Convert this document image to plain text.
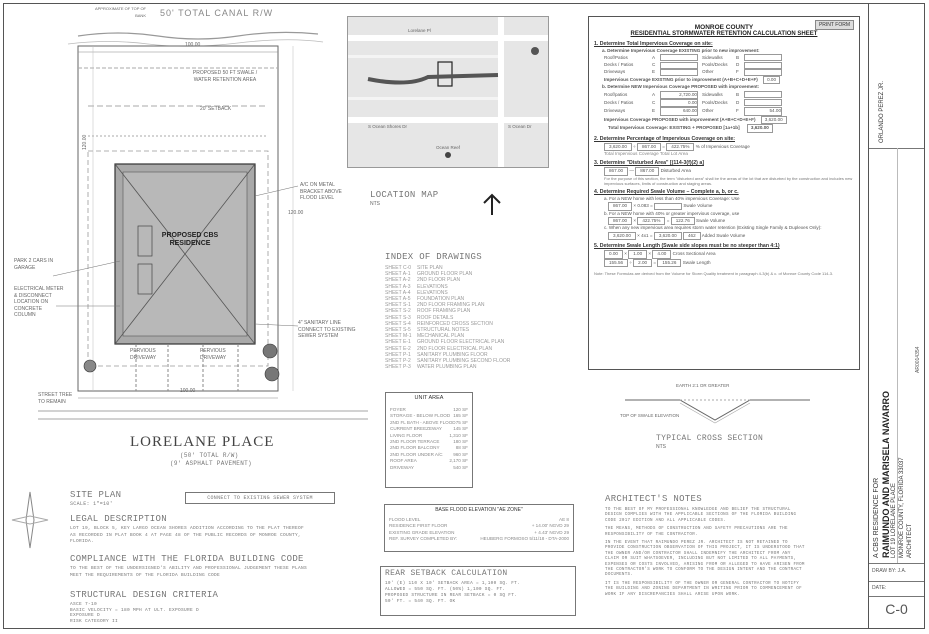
50' TOTAL CANAL R/W
APPROXIMATE OF TOP OF BANK
100.00
PROPOSED 50 FT SWALE / WATER RETENTION AREA
20' SETBACK
120.00
120.00
PROPOSED CBS
RESIDENCE
A/C ON METAL BRACKET ABOVE FLOOD LEVEL
PARK 2 CARS IN GARAGE
ELECTRICAL METER & DISCONNECT LOCATION ON CONCRETE COLUMN
4" SANITARY LINE CONNECT TO EXISTING SEWER SYSTEM
PERVIOUS
DRIVEWAY
PERVIOUS
DRIVEWAY
100.00
STREET TREE TO REMAIN
LORELANE PLACE
(50' TOTAL R/W)
(9' ASPHALT PAVEMENT)
SITE PLAN
SCALE: 1"=10'
CONNECT TO EXISTING SEWER SYSTEM
LEGAL DESCRIPTION
LOT 19, BLOCK 5, KEY LARGO OCEAN SHORES ADDITION ACCORDING TO THE PLAT THEREOF AS RECORDED IN PLAT BOOK 4 AT PAGE 48 OF THE PUBLIC RECORDS OF MONROE COUNTY, FLORIDA.
COMPLIANCE WITH THE FLORIDA BUILDING CODE
TO THE BEST OF THE UNDERSIGNED'S ABILITY AND PROFESSIONAL JUDGEMENT THESE PLANS MEET THE REQUIREMENTS OF THE FLORIDA BUILDING CODE
STRUCTURAL DESIGN CRITERIA
ASCE 7-10
BASIC VELOCITY = 180 MPH AT ULT. EXPOSURE D
EXPOSURE D
RISK CATEGORY II
Lorelane Pl
S Ocean Shores Dr	S Ocean Dr
Ocean Reef
LOCATION MAP
NTS
INDEX OF DRAWINGS
SHEET C-0	SITE PLAN
SHEET A-1	GROUND FLOOR PLAN
SHEET A-2	2ND FLOOR PLAN
SHEET A-3	ELEVATIONS
SHEET A-4	ELEVATIONS
SHEET A-5	FOUNDATION PLAN
SHEET S-1	2ND FLOOR FRAMING PLAN
SHEET S-2	ROOF FRAMING PLAN
SHEET S-3	ROOF DETAILS
SHEET S-4	REINFORCED CROSS SECTION
SHEET S-5	STRUCTURAL NOTES
SHEET M-1	MECHANICAL PLAN
SHEET E-1	GROUND FLOOR ELECTRICAL PLAN
SHEET E-2	2ND FLOOR ELECTRICAL PLAN
SHEET P-1	SANITARY PLUMBING FLOOR
SHEET P-2	SANITARY PLUMBING SECOND FLOOR
SHEET P-3	WATER PLUMBING PLAN
UNIT AREA
FOYER	120 SF
STORAGE - BELOW FLOOD 165 SF
2ND FL BATH - ABOVE FLOOD 75 SF
CURRENT BREEZEWAY 145 SF
LIVING FLOOR	1,310 SF
2ND FLOOR TERRACE	180 SF
2ND FLOOR BALCONY	88 SF
2ND FLOOR UNDER A/C 960 SF
ROOF AREA	2,170 SF
DRIVEWAY	540 SF
BASE FLOOD ELEVATION "AE ZONE"
FLOOD LEVEL	AE 8
RESIDENCE FIRST FLOOR	+ 14.00' NGVD 29
EXISTING GRADE ELEVATION	+ 4.43' NGVD 29
REF. SURVEY COMPLETED BY:	HEUBERG FORMOSO 5/11/18 - DTA-2000
REAR SETBACK CALCULATION
10' (E) 110 X 10' SETBACK AREA = 1,100 SQ. FT.
ALLOWED = 550 SQ. FT. (50%) 1,100 SQ. FT.
PROPOSED STRUCTURE IN REAR SETBACK = 0 SQ FT.
50' FT. = 540 SQ. FT. OK
ARCHITECT'S NOTES
TO THE BEST OF MY PROFESSIONAL KNOWLEDGE AND BELIEF THE STRUCTURAL DESIGN COMPLIES WITH THE APPLICABLE SECTIONS OF THE FLORIDA BUILDING CODE 2017 EDITION AND ALL APPLICABLE CODES.
THE MEANS, METHODS OF CONSTRUCTION AND SAFETY PRECAUTIONS ARE THE RESPONSIBILITY OF THE CONTRACTOR.
IN THE EVENT THAT RAIMUNDO PEREZ JR. ARCHITECT IS NOT RETAINED TO PROVIDE CONSTRUCTION OBSERVATION OF THIS PROJECT, IT IS UNDERSTOOD THAT THE OWNER AND/OR CONTRACTOR SHALL INDEMNIFY THE ARCHITECT FROM ANY CLAIM OR SUIT WHATSOEVER, INCLUDING BUT NOT LIMITED TO ALL PAYMENTS, EXPENSES OR COSTS INVOLVED, ARISING FROM OR ALLEGED TO HAVE ARISEN FROM THE CONTRACTOR'S WORK TO CONFORM TO THE DESIGN INTENT AND THE CONTRACT DOCUMENTS.
IT IS THE RESPONSIBILITY OF THE OWNER OR GENERAL CONTRACTOR TO NOTIFY THE BUILDING AND ZONING DEPARTMENT IN WRITING PRIOR TO COMMENCEMENT OF WORK IF ANY DISCREPANCIES SHALL ARISE UPON WORK.
EARTH 2:1 OR GREATER
TOP OF SWALE ELEVATION
TYPICAL CROSS SECTION
NTS
PRINT FORM
MONROE COUNTY
RESIDENTIAL STORMWATER RETENTION CALCULATION SHEET
1. Determine Total Impervious Coverage on site:
a. Determine Impervious Coverage EXISTING prior to new improvement:
Roof/Patios	A	Sidewalks	B
Decks / Patios	C	Pools/Decks D
Driveways	E	Other	F
Impervious Coverage EXISTING prior to improvement (A+B+C+D+E+F) 0.00
b. Determine NEW Impervious Coverage PROPOSED with improvement:
Roof/patios	A	2,720.00 Sidewalks	B
Decks / Patios	C	0.00 Pools/Decks D
Driveways	E	640.00 Other	F	54.00
Impervious Coverage PROPOSED with improvement (A+B+C+D+E+F) 3,620.00
Total Impervious Coverage: EXISTING + PROPOSED [1a+1b] 3,620.00
2. Determine Percentage of Impervious Coverage on site:
3,620.00 ÷ 867.00 = 422.75% % of Impervious Coverage
Total Impervious Coverage Total Lot Area
3. Determine "Disturbed Area" [(114-3(f)(2) a]
867.00 — 867.00 Disturbed Area
For the purpose of this section, the term "disturbed area" shall be the areas of the lot that are disturbed by the construction and includes new impervious surfaces, limits of construction and staging areas.
4. Determine Required Swale Volume – Complete a, b, or c.
a. For a NEW home with less than 40% impervious Coverage: Use
867.00 × 0.083 =	Swale Volume
b. For a NEW home with 40% or greater impervious coverage, use
867.00 × 422.75% = 122.76 Swale Volume
c. When any new impervious area requires storm water retention (Existing Single Family & Duplexes Only):
3,620.00 × 4x1 = 3,620.00 462 Added Swale Volume
5. Determine Swale Length (Swale side slopes must be no steeper than 4:1)
0.00 × 1.00 × 4.00 Cross Sectional Area
155.56 ÷ 2.00 = 155.26 Swale Length
Note: These Formulas are derived from the Volume for Storm Quality treatment in paragraph 4-3(b) & c. of Monroe County Code 114-3.
A CBS RESIDENCE FOR RAIMUNDO AND MARISELA NAVARRO LOT 19 LORELANE PLACE MONROE COUNTY, FLORIDA 33037 ARCHITECT
AR0014354
ORLANDO PEREZ JR.
DRAW BY: J.A.
DATE:
C-0
